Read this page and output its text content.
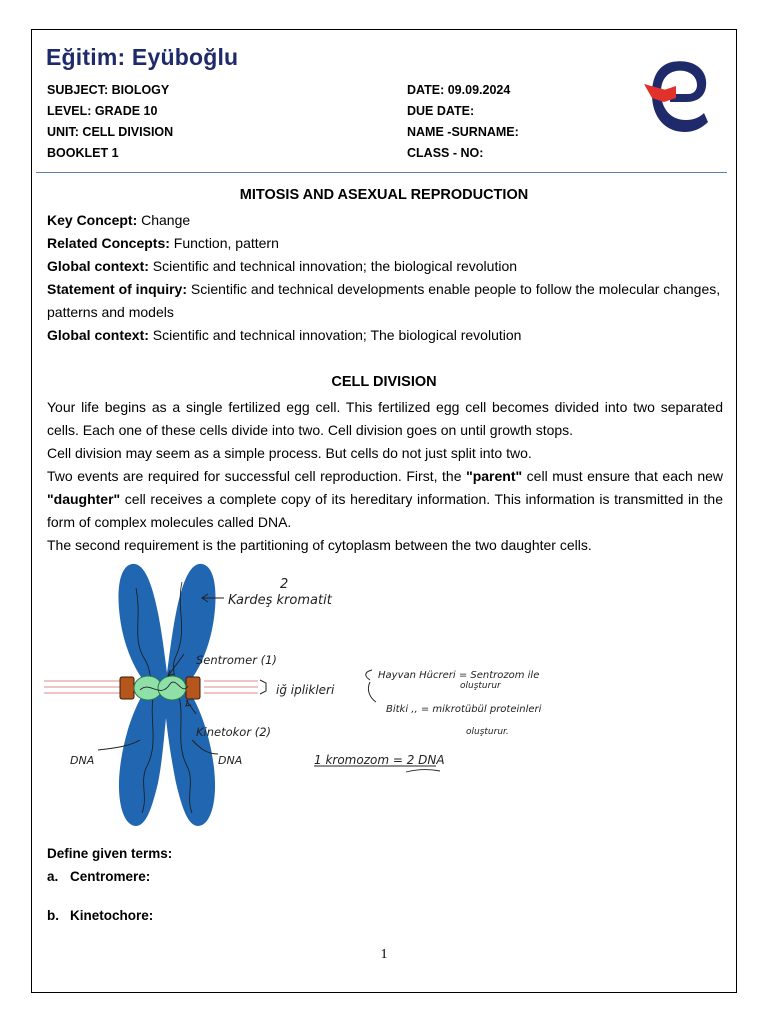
Eğitim: Eyüboğlu
SUBJECT: BIOLOGY
LEVEL: GRADE 10
UNIT: CELL DIVISION
BOOKLET 1
DATE: 09.09.2024
DUE DATE:
NAME -SURNAME:
CLASS - NO:
MITOSIS AND ASEXUAL REPRODUCTION

Key Concept: Change

Related Concepts: Function, pattern

Global context: Scientific and technical innovation; the biological revolution

Statement of inquiry: Scientific and technical developments enable people to follow the molecular changes, patterns and models

Global context: Scientific and technical innovation; The biological revolution

CELL DIVISION

Your life begins as a single fertilized egg cell. This fertilized egg cell becomes divided into two separated cells. Each one of these cells divide into two. Cell division goes on until growth stops.

Cell division may seem as a simple process. But cells do not just split into two.

Two events are required for successful cell reproduction. First, the "parent" cell must ensure that each new "daughter" cell receives a complete copy of its hereditary information. This information is transmitted in the form of complex molecules called DNA.

The second requirement is the partitioning of cytoplasm between the two daughter cells.

Kardeş kromatit
2
Sentromer (1)
iğ iplikleri
Hayvan Hücreri = Sentrozom ile
oluşturur
Bitki ,, = mikrotübül proteinleri
oluşturur.
Kinetokor (2)
DNA	DNA	1 kromozom = 2 DNA
Define given terms:
a. Centromere:
b. Kinetochore:
1
